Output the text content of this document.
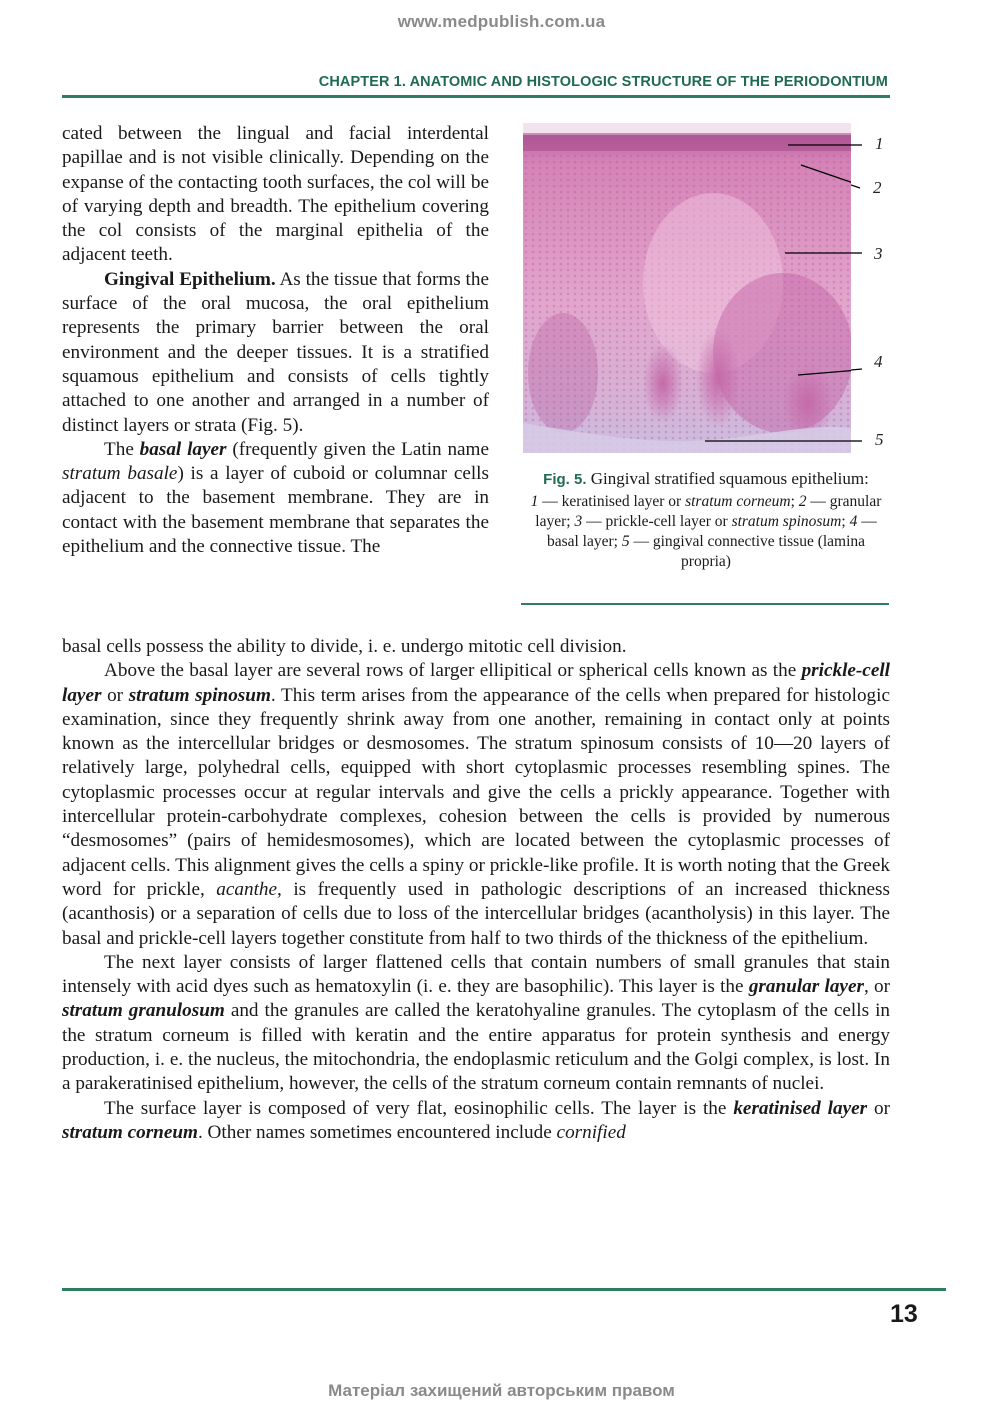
www.medpublish.com.ua
CHAPTER 1. ANATOMIC AND HISTOLOGIC STRUCTURE OF THE PERIODONTIUM

cated between the lingual and facial interdental papillae and is not visible clinically. Depending on the expanse of the contacting tooth surfaces, the col will be of varying depth and breadth. The epithelium covering the col consists of the marginal epithelia of the adjacent teeth.

Gingival Epithelium. As the tissue that forms the surface of the oral mucosa, the oral epithelium represents the primary barrier between the oral environment and the deeper tissues. It is a stratified squamous epithelium and consists of cells tightly attached to one another and arranged in a number of distinct layers or strata (Fig. 5).

The basal layer (frequently given the Latin name stratum basale) is a layer of cuboid or columnar cells adjacent to the basement membrane. They are in contact with the basement membrane that separates the epithelium and the connective tissue. The

1
2
3
4
5

Fig. 5. Gingival stratified squamous epithelium:

1 — keratinised layer or stratum corneum; 2 — granular layer; 3 — prickle-cell layer or stratum spinosum; 4 — basal layer; 5 — gingival connective tissue (lamina propria)

basal cells possess the ability to divide, i. e. undergo mitotic cell division.

Above the basal layer are several rows of larger ellipitical or spherical cells known as the prickle-cell layer or stratum spinosum. This term arises from the appearance of the cells when prepared for histologic examination, since they frequently shrink away from one another, remaining in contact only at points known as the intercellular bridges or desmosomes. The stratum spinosum consists of 10—20 layers of relatively large, polyhedral cells, equipped with short cytoplasmic processes resembling spines. The cytoplasmic processes occur at regular intervals and give the cells a prickly appearance. Together with intercellular protein-carbohydrate complexes, cohesion between the cells is provided by numerous “desmosomes” (pairs of hemidesmosomes), which are located between the cytoplasmic processes of adjacent cells. This alignment gives the cells a spiny or prickle-like profile. It is worth noting that the Greek word for prickle, acanthe, is frequently used in pathologic descriptions of an increased thickness (acanthosis) or a separation of cells due to loss of the intercellular bridges (acantholysis) in this layer. The basal and prickle-cell layers together constitute from half to two thirds of the thickness of the epithelium.

The next layer consists of larger flattened cells that contain numbers of small granules that stain intensely with acid dyes such as hematoxylin (i. e. they are basophilic). This layer is the granular layer, or stratum granulosum and the granules are called the keratohyaline granules. The cytoplasm of the cells in the stratum corneum is filled with keratin and the entire apparatus for protein synthesis and energy production, i. e. the nucleus, the mitochondria, the endoplasmic reticulum and the Golgi complex, is lost. In a parakeratinised epithelium, however, the cells of the stratum corneum contain remnants of nuclei.

The surface layer is composed of very flat, eosinophilic cells. The layer is the keratinised layer or stratum corneum. Other names sometimes encountered include cornified

13
Матеріал захищений авторським правом
